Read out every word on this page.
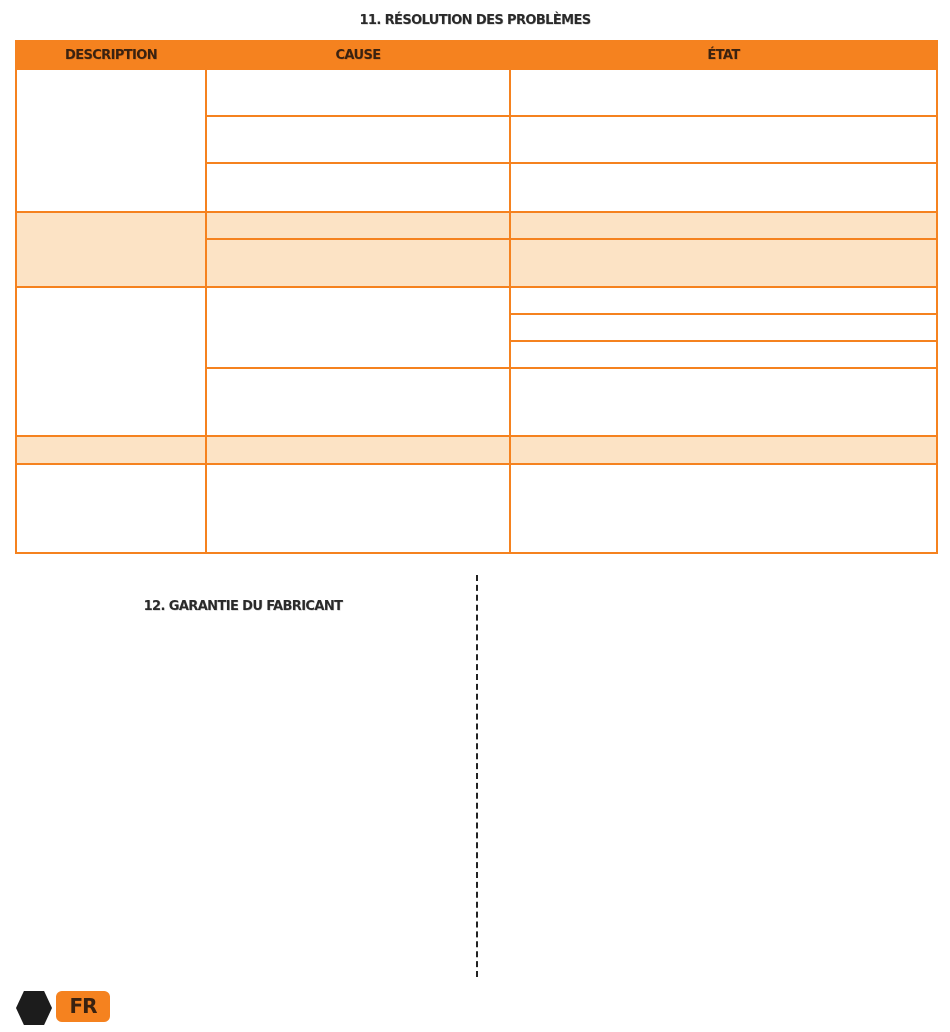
11. RÉSOLUTION DES PROBLÈMES
DESCRIPTION	CAUSE	ÉTAT

12. GARANTIE DU FABRICANT
FR
